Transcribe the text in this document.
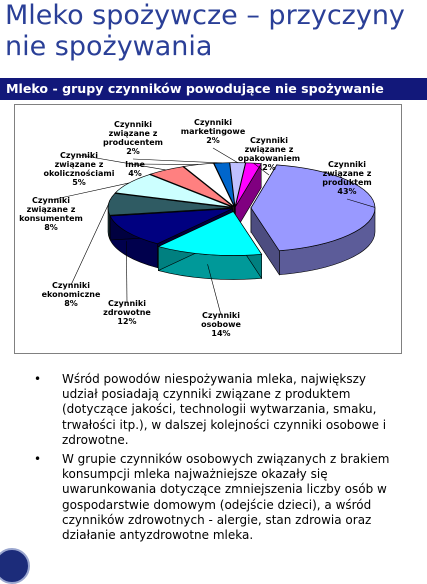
Mleko spożywcze – przyczyny nie spożywania
Mleko - grupy czynników powodujące nie spożywanie
Czynniki związane z produktem 43%
Czynniki osobowe 14%
Czynniki zdrowotne 12%
Czynniki ekonomiczne 8%
Czynniki związane z konsumentem 8%
Czynniki związane z okolicznościami 5%
Inne 4%
Czynniki związane z producentem 2%
Czynniki marketingowe 2%	Czynniki związane z opakowaniem 2%
• Wśród powodów niespożywania mleka, największy udział posiadają czynniki związane z produktem (dotyczące jakości, technologii wytwarzania, smaku, trwałości itp.), w dalszej kolejności czynniki osobowe i zdrowotne.
• W grupie czynników osobowych związanych z brakiem konsumpcji mleka najważniejsze okazały się uwarunkowania dotyczące zmniejszenia liczby osób w gospodarstwie domowym (odejście dzieci), a wśród czynników zdrowotnych - alergie, stan zdrowia oraz działanie antyzdrowotne mleka.
